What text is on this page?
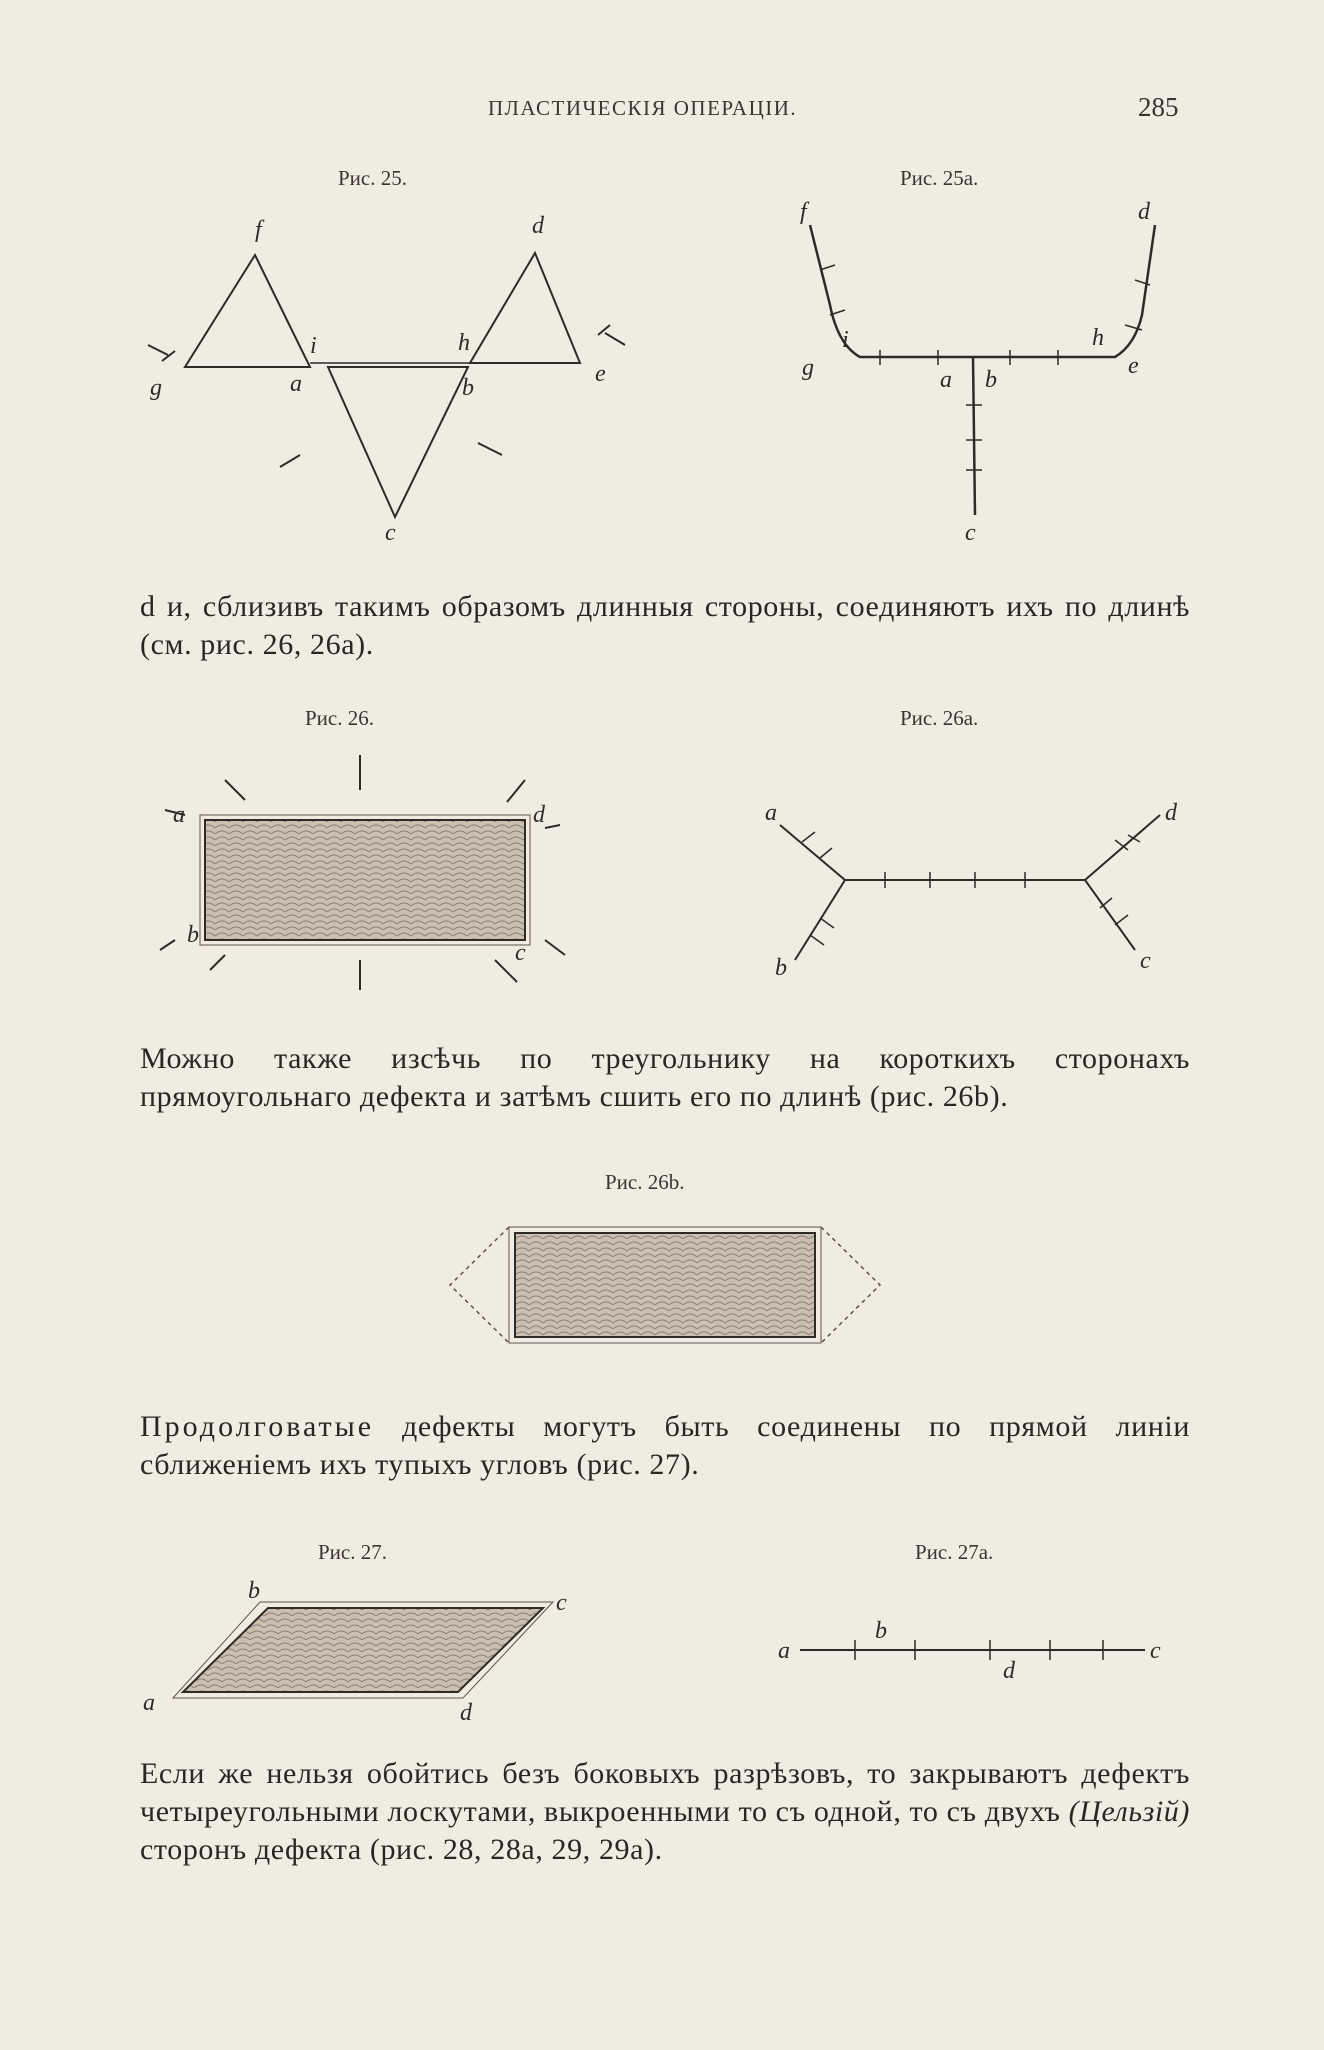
ПЛАСТИЧЕСКІЯ ОПЕРАЦІИ.	285
Рис. 25.
f	d
g
i	h
a	b
e
c
Рис. 25а.
f	d
g
i	h
e
a b
c
d и, сблизивъ такимъ образомъ длинныя стороны, соединяютъ ихъ по длинѣ (см. рис. 26, 26а).
Рис. 26.
a	d
b
c
Рис. 26а.
a	d
b	c
Можно также изсѣчь по треугольнику на короткихъ сторонахъ прямоугольнаго дефекта и затѣмъ сшить его по длинѣ (рис. 26b).
Рис. 26b.
Продолговатые дефекты могутъ быть соединены по прямой линіи сближеніемъ ихъ тупыхъ угловъ (рис. 27).
Рис. 27.
b	c
a	d
Рис. 27а.
a
b
d
c
Если же нельзя обойтись безъ боковыхъ разрѣзовъ, то закрываютъ дефектъ четыреугольными лоскутами, выкроенными то съ одной, то съ двухъ (Цельзій) сторонъ дефекта (рис. 28, 28а, 29, 29а).
